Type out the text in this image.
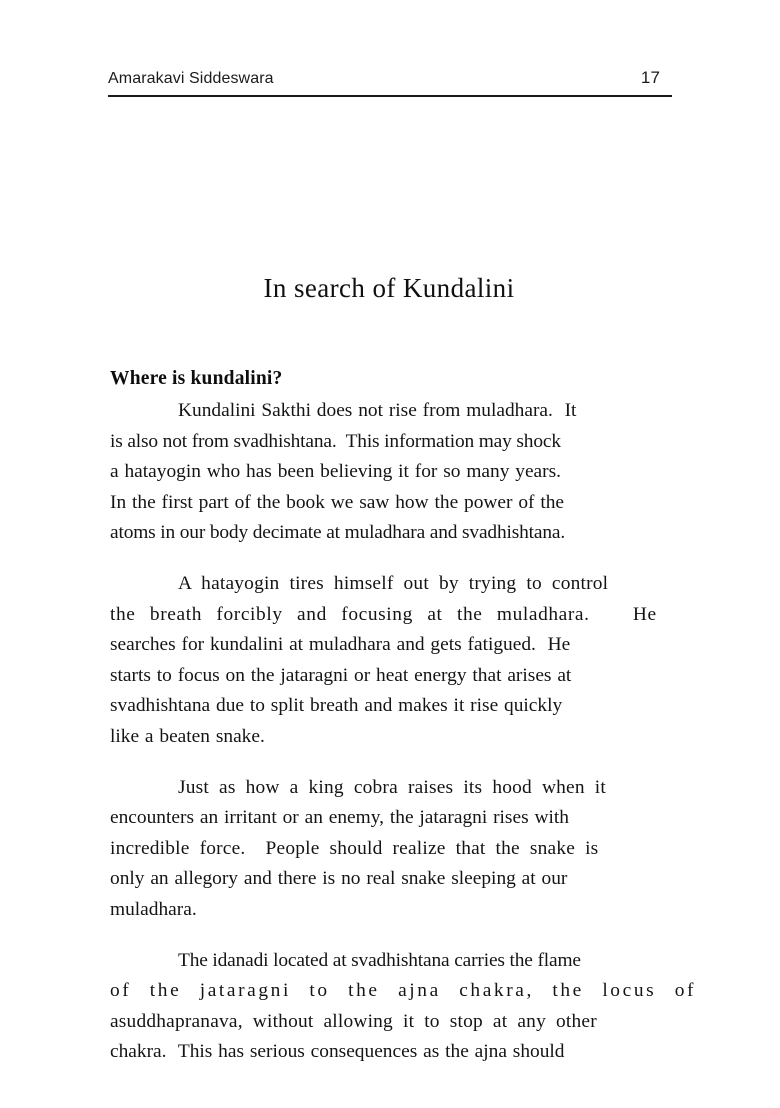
Amarakavi Siddeswara	17
In search of Kundalini
Where is kundalini?

Kundalini Sakthi does not rise from muladhara.  It
is also not from svadhishtana.  This information may shock
a hatayogin who has been believing it for so many years.
In the first part of the book we saw how the power of the
atoms in our body decimate at muladhara and svadhishtana.

A hatayogin tires himself out by trying to control
the breath forcibly and focusing at the muladhara.   He
searches for kundalini at muladhara and gets fatigued.  He
starts to focus on the jataragni or heat energy that arises at
svadhishtana due to split breath and makes it rise quickly
like a beaten snake.

Just as how a king cobra raises its hood when it
encounters an irritant or an enemy, the jataragni rises with
incredible force.  People should realize that the snake is
only an allegory and there is no real snake sleeping at our
muladhara.

The idanadi located at svadhishtana carries the flame
of the jataragni to the ajna chakra, the locus of
asuddhapranava, without allowing it to stop at any other
chakra.  This has serious consequences as the ajna should
